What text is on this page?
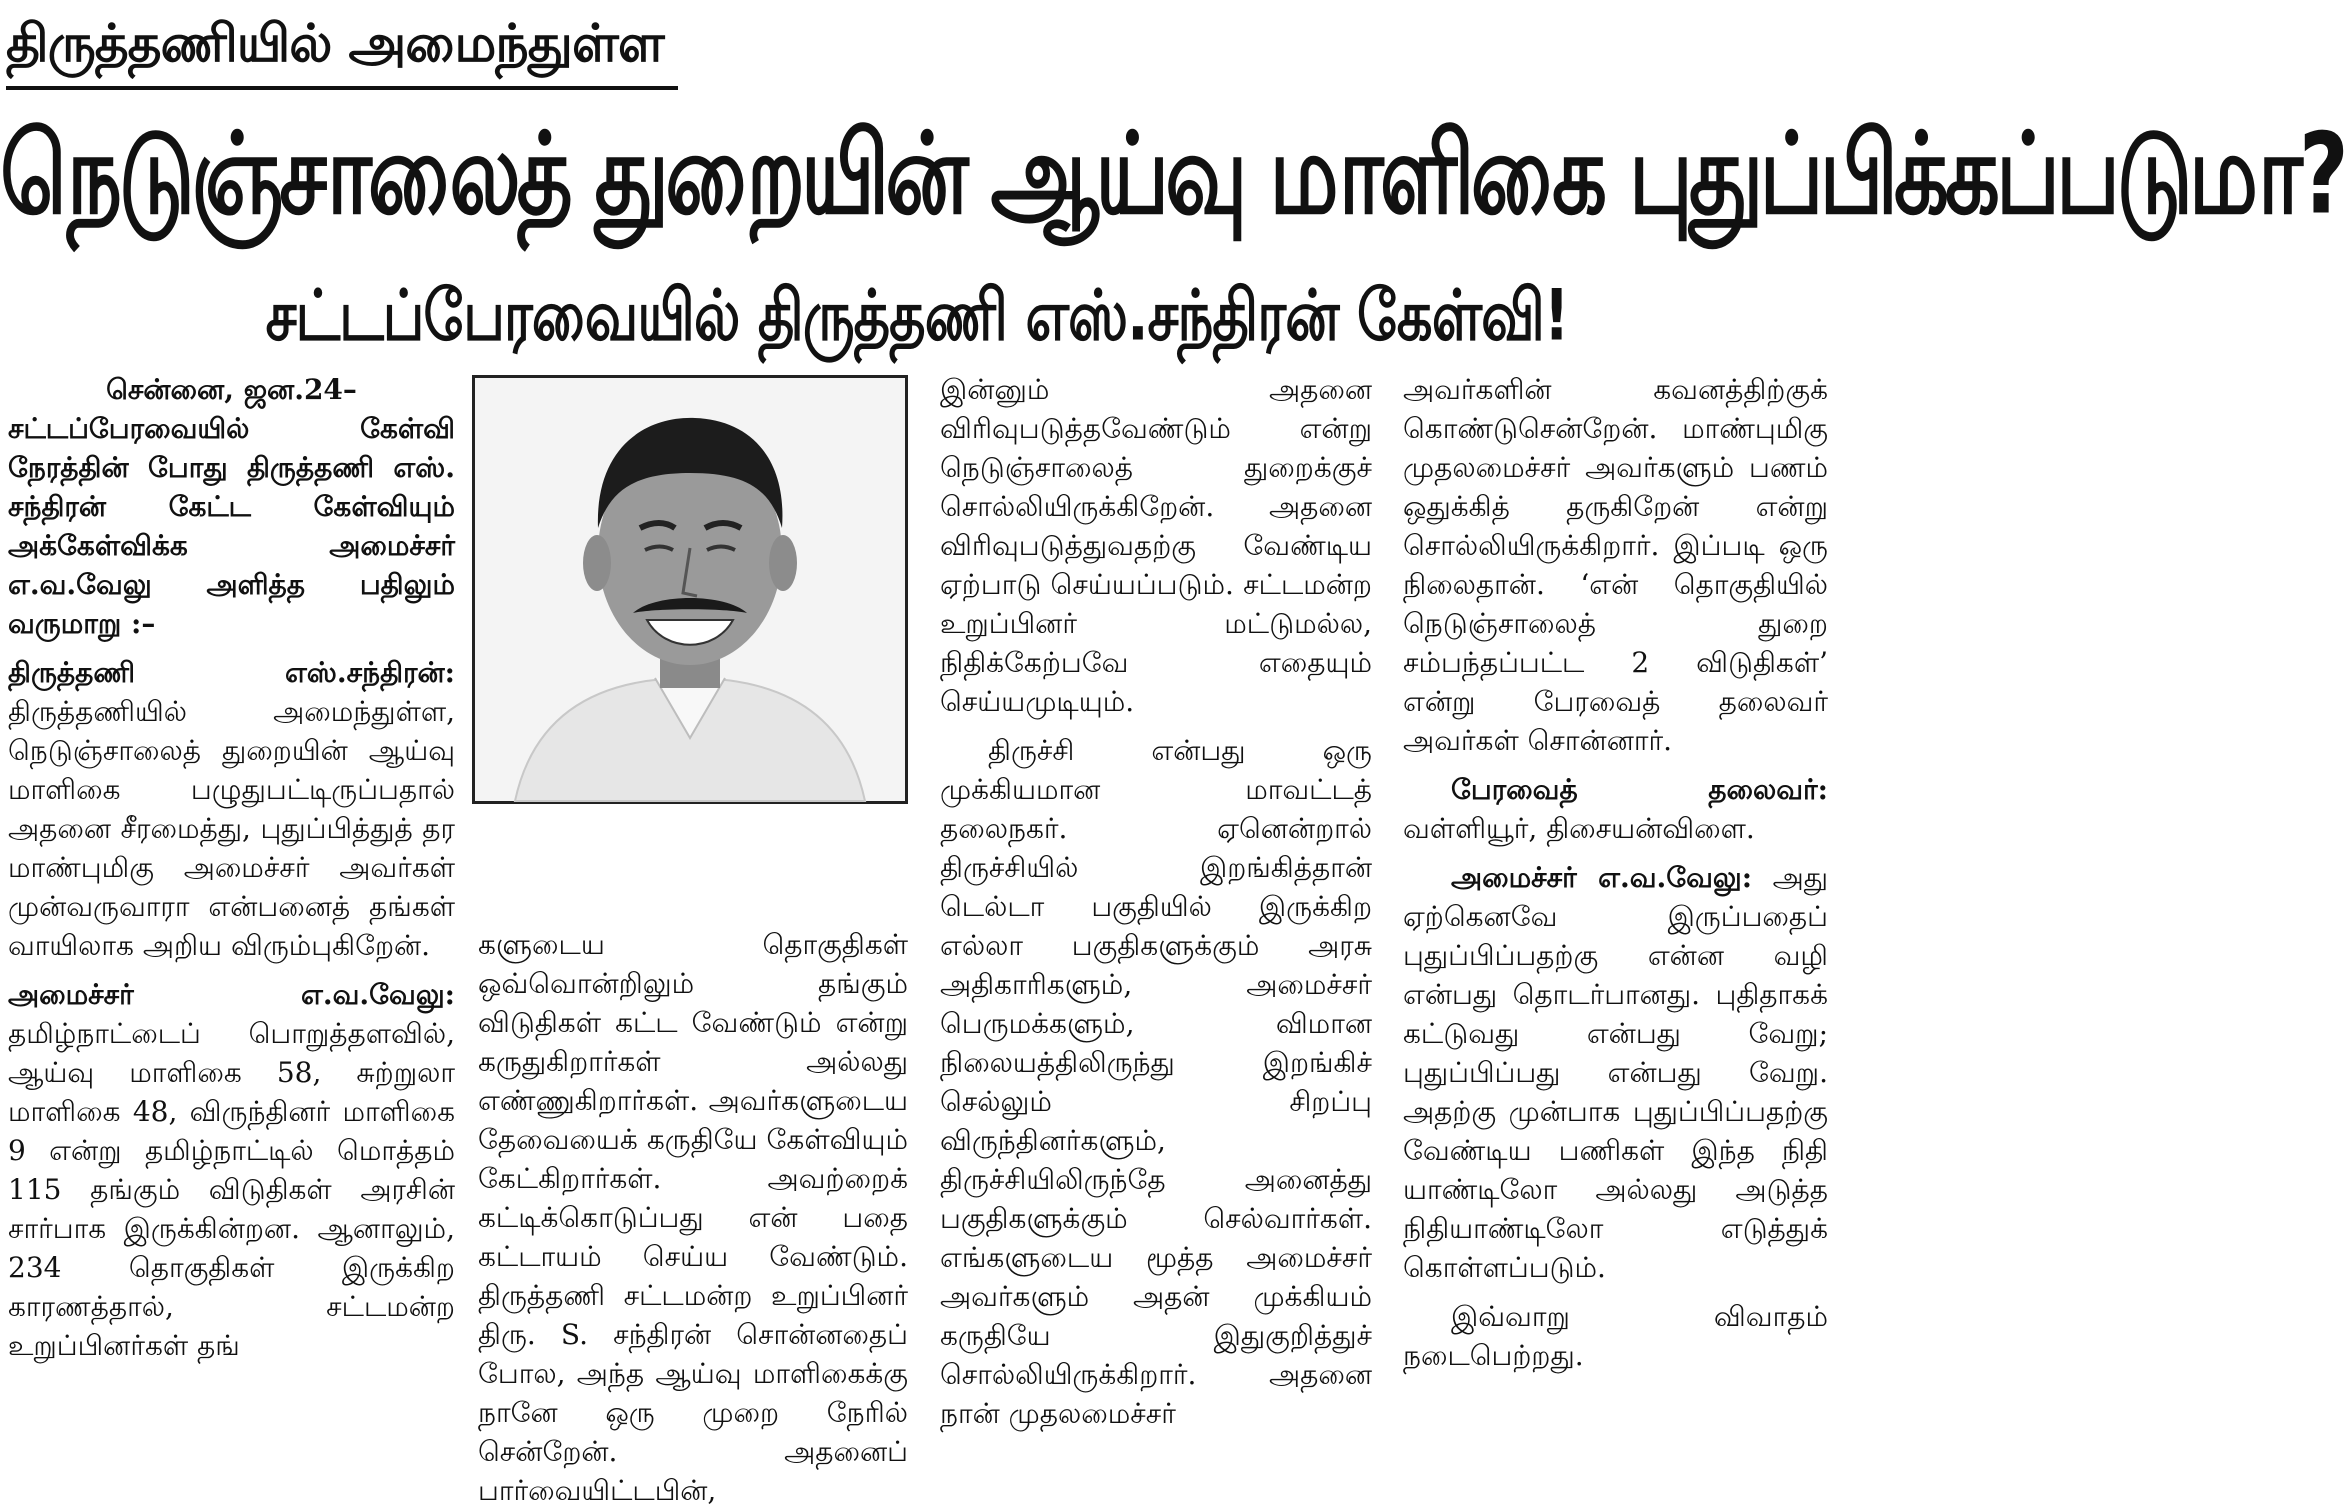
திருத்தணியில் அமைந்துள்ள
நெடுஞ்சாலைத் துறையின் ஆய்வு மாளிகை புதுப்பிக்கப்படுமா?
சட்டப்பேரவையில் திருத்தணி எஸ்.சந்திரன் கேள்வி!

சென்னை, ஜன.24–

சட்டப்பேரவையில் கேள்வி நேரத்தின் போது திருத்தணி எஸ். சந்திரன் கேட்ட கேள்வியும் அக்கேள்விக்க அமைச்சர் எ.வ.வேலு அளித்த பதிலும் வருமாறு :–

திருத்தணி எஸ்.சந்திரன்: திருத்தணியில் அமைந்துள்ள, நெடுஞ்சாலைத் துறையின் ஆய்வு மாளிகை பழுதுபட்டிருப்பதால் அதனை சீரமைத்து, புதுப்பித்துத் தர மாண்புமிகு அமைச்சர் அவர்கள் முன்வருவாரா என்பனைத் தங்கள் வாயிலாக அறிய விரும்புகிறேன்.

அமைச்சர் எ.வ.வேலு: தமிழ்நாட்டைப் பொறுத்தளவில், ஆய்வு மாளிகை 58, சுற்றுலா மாளிகை 48, விருந்தினர் மாளிகை 9 என்று தமிழ்நாட்டில் மொத்தம் 115 தங்கும் விடுதிகள் அரசின் சார்பாக இருக்கின்றன. ஆனாலும், 234 தொகுதிகள் இருக்கிற காரணத்தால், சட்டமன்ற உறுப்பினர்கள் தங்

களுடைய தொகுதிகள் ஒவ்வொன்றிலும் தங்கும் விடுதிகள் கட்ட வேண்டும் என்று கருதுகிறார்கள் அல்லது எண்ணுகிறார்கள். அவர்களுடைய தேவையைக் கருதியே கேள்வியும் கேட்கிறார்கள். அவற்றைக் கட்டிக்கொடுப்பது என் பதை கட்டாயம் செய்ய வேண்டும். திருத்தணி சட்டமன்ற உறுப்பினர் திரு. S. சந்திரன் சொன்னதைப் போல, அந்த ஆய்வு மாளிகைக்கு நானே ஒரு முறை நேரில் சென்றேன். அதனைப் பார்வையிட்டபின்,

இன்னும் அதனை விரிவுபடுத்தவேண்டும் என்று நெடுஞ்சாலைத் துறைக்குச் சொல்லியிருக்கிறேன். அதனை விரிவுபடுத்துவதற்கு வேண்டிய ஏற்பாடு செய்யப்படும். சட்டமன்ற உறுப்பினர் மட்டுமல்ல, நிதிக்கேற்பவே எதையும் செய்யமுடியும்.

திருச்சி என்பது ஒரு முக்கியமான மாவட்டத் தலைநகர். ஏனென்றால் திருச்சியில் இறங்கித்தான் டெல்டா பகுதியில் இருக்கிற எல்லா பகுதிகளுக்கும் அரசு அதிகாரிகளும், அமைச்சர் பெருமக்களும், விமான நிலையத்திலிருந்து இறங்கிச் செல்லும் சிறப்பு விருந்தினர்களும், திருச்சியிலிருந்தே அனைத்து பகுதிகளுக்கும் செல்வார்கள். எங்களுடைய மூத்த அமைச்சர் அவர்களும் அதன் முக்கியம் கருதியே இதுகுறித்துச் சொல்லியிருக்கிறார். அதனை நான் முதலமைச்சர்

அவர்களின் கவனத்திற்குக் கொண்டுசென்றேன். மாண்புமிகு முதலமைச்சர் அவர்களும் பணம் ஒதுக்கித் தருகிறேன் என்று சொல்லியிருக்கிறார். இப்படி ஒரு நிலைதான். ‘என் தொகுதியில் நெடுஞ்சாலைத் துறை சம்பந்தப்பட்ட 2 விடுதிகள்’ என்று பேரவைத் தலைவர் அவர்கள் சொன்னார்.

பேரவைத் தலைவர்: வள்ளியூர், திசையன்விளை.

அமைச்சர் எ.வ.வேலு: அது ஏற்கெனவே இருப்பதைப் புதுப்பிப்பதற்கு என்ன வழி என்பது தொடர்பானது. புதிதாகக் கட்டுவது என்பது வேறு; புதுப்பிப்பது என்பது வேறு. அதற்கு முன்பாக புதுப்பிப்பதற்கு வேண்டிய பணிகள் இந்த நிதி யாண்டிலோ அல்லது அடுத்த நிதியாண்டிலோ எடுத்துக் கொள்ளப்படும்.

இவ்வாறு விவாதம் நடைபெற்றது.
